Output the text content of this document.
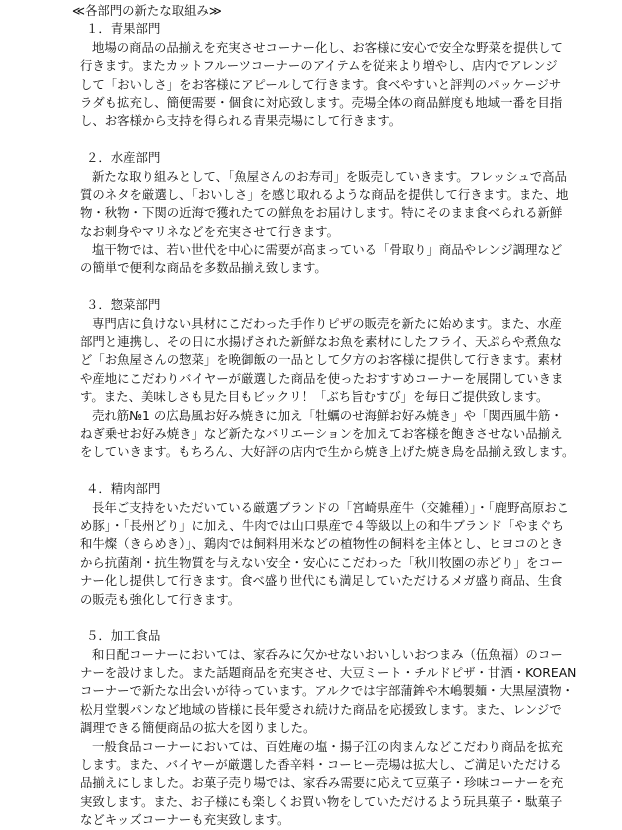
≪各部門の新たな取組み≫
１．青果部門
地場の商品の品揃えを充実させコーナー化し、お客様に安心で安全な野菜を提供して
行きます。またカットフルーツコーナーのアイテムを従来より増やし、店内でアレンジ
して「おいしさ」をお客様にアピールして行きます。食べやすいと評判のパッケージサ
ラダも拡充し、簡便需要・個食に対応致します。売場全体の商品鮮度も地域一番を目指
し、お客様から支持を得られる青果売場にして行きます。
２．水産部門
新たな取り組みとして、「魚屋さんのお寿司」を販売していきます。フレッシュで高品
質のネタを厳選し、「おいしさ」を感じ取れるような商品を提供して行きます。また、地
物・秋物・下関の近海で獲れたての鮮魚をお届けします。特にそのまま食べられる新鮮
なお刺身やマリネなどを充実させて行きます。
塩干物では、若い世代を中心に需要が高まっている「骨取り」商品やレンジ調理など
の簡単で便利な商品を多数品揃え致します。
３．惣菜部門
専門店に負けない具材にこだわった手作りピザの販売を新たに始めます。また、水産
部門と連携し、その日に水揚げされた新鮮なお魚を素材にしたフライ、天ぷらや煮魚な
ど「お魚屋さんの惣菜」を晩御飯の一品として夕方のお客様に提供して行きます。素材
や産地にこだわりバイヤーが厳選した商品を使ったおすすめコーナーを展開していきま
す。また、美味しさも見た目もビックリ！「ぶち旨むすび」を毎日ご提供致します。
売れ筋№1 の広島風お好み焼きに加え「牡蠣のせ海鮮お好み焼き」や「関西風牛筋・
ねぎ乗せお好み焼き」など新たなバリエーションを加えてお客様を飽きさせない品揃え
をしていきます。もちろん、大好評の店内で生から焼き上げた焼き鳥を品揃え致します。
４．精肉部門
長年ご支持をいただいている厳選ブランドの「宮崎県産牛（交雑種）」・「鹿野高原おこ
め豚」・「長州どり」に加え、牛肉では山口県産で４等級以上の和牛ブランド「やまぐち
和牛燦（きらめき）」、鶏肉では飼料用米などの植物性の飼料を主体とし、ヒヨコのとき
から抗菌剤・抗生物質を与えない安全・安心にこだわった「秋川牧園の赤どり」をコー
ナー化し提供して行きます。食べ盛り世代にも満足していただけるメガ盛り商品、生食
の販売も強化して行きます。
５．加工食品
和日配コーナーにおいては、家呑みに欠かせないおいしいおつまみ（伍魚福）のコー
ナーを設けました。また話題商品を充実させ、大豆ミート・チルドピザ・甘酒・KOREAN
コーナーで新たな出会いが待っています。アルクでは宇部蒲鉾や木嶋製麺・大黒屋漬物・
松月堂製パンなど地域の皆様に長年愛され続けた商品を応援致します。また、レンジで
調理できる簡便商品の拡大を図りました。
一般食品コーナーにおいては、百姓庵の塩・揚子江の肉まんなどこだわり商品を拡充
します。また、バイヤーが厳選した香辛料・コーヒー売場は拡大し、ご満足いただける
品揃えにしました。お菓子売り場では、家呑み需要に応えて豆菓子・珍味コーナーを充
実致します。また、お子様にも楽しくお買い物をしていただけるよう玩具菓子・駄菓子
などキッズコーナーも充実致します。
